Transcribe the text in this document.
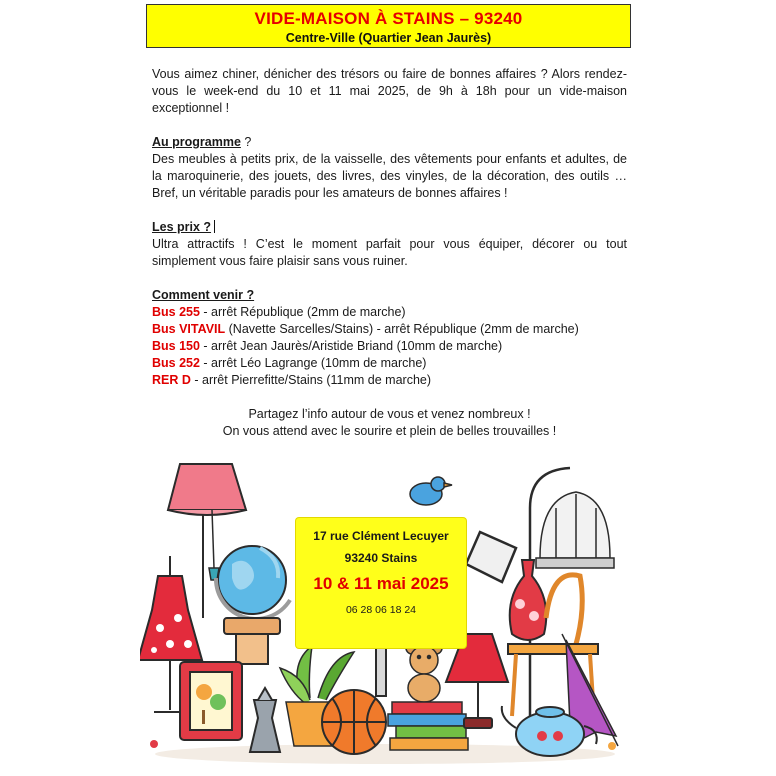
VIDE-MAISON À STAINS – 93240
Centre-Ville (Quartier Jean Jaurès)

Vous aimez chiner, dénicher des trésors ou faire de bonnes affaires ? Alors rendez-vous le week-end du 10 et 11 mai 2025, de 9h à 18h pour un vide-maison exceptionnel !

Au programme ?

Des meubles à petits prix, de la vaisselle, des vêtements pour enfants et adultes, de la maroquinerie, des jouets, des livres, des vinyles, de la décoration, des outils … Bref, un véritable paradis pour les amateurs de bonnes affaires !

Les prix ?

Ultra attractifs ! C’est le moment parfait pour vous équiper, décorer ou tout simplement vous faire plaisir sans vous ruiner.

Comment venir ?

Bus 255 - arrêt République (2mm de marche)

Bus VITAVIL (Navette Sarcelles/Stains) - arrêt République (2mm de marche)

Bus 150 - arrêt Jean Jaurès/Aristide Briand (10mm de marche)

Bus 252 - arrêt Léo Lagrange (10mm de marche)

RER D - arrêt Pierrefitte/Stains (11mm de marche)

Partagez l’info autour de vous et venez nombreux !

On vous attend avec le sourire et plein de belles trouvailles !

17 rue Clément Lecuyer
93240 Stains
10 & 11 mai 2025
06 28 06 18 24
